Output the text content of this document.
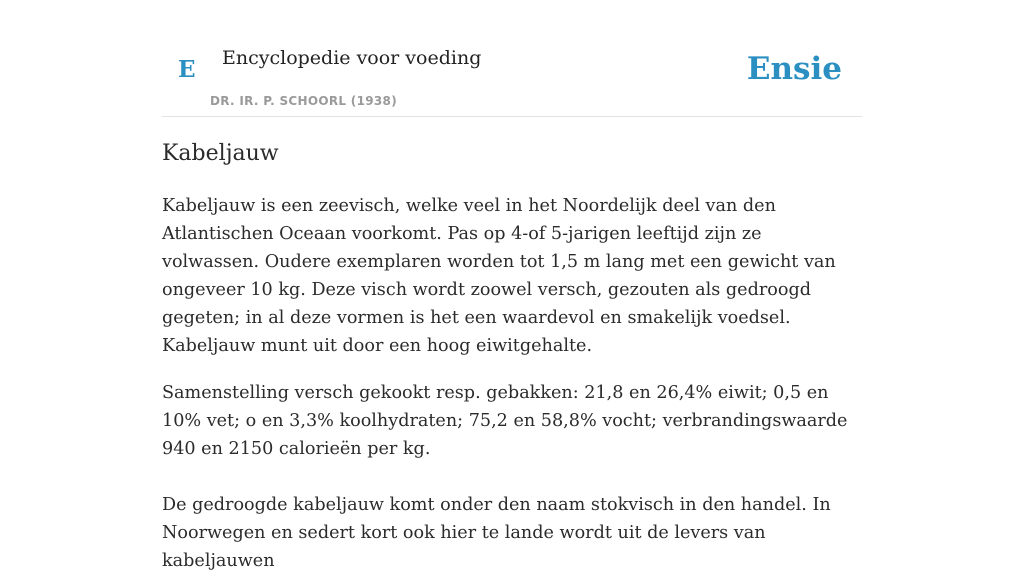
E Encyclopedie voor voeding
DR. IR. P. SCHOORL (1938)
Ensie
Kabeljauw

Kabeljauw is een zeevisch, welke veel in het Noordelijk deel van den Atlantischen Oceaan voorkomt. Pas op 4-of 5-jarigen leeftijd zijn ze volwassen. Oudere exemplaren worden tot 1,5 m lang met een gewicht van ongeveer 10 kg. Deze visch wordt zoowel versch, gezouten als gedroogd gegeten; in al deze vormen is het een waardevol en smakelijk voedsel. Kabeljauw munt uit door een hoog eiwitgehalte.

Samenstelling versch gekookt resp. gebakken: 21,8 en 26,4% eiwit; 0,5 en 10% vet; o en 3,3% koolhydraten; 75,2 en 58,8% vocht; verbrandingswaarde 940 en 2150 calorieën per kg.

De gedroogde kabeljauw komt onder den naam stokvisch in den handel. In Noorwegen en sedert kort ook hier te lande wordt uit de levers van kabeljauwen
